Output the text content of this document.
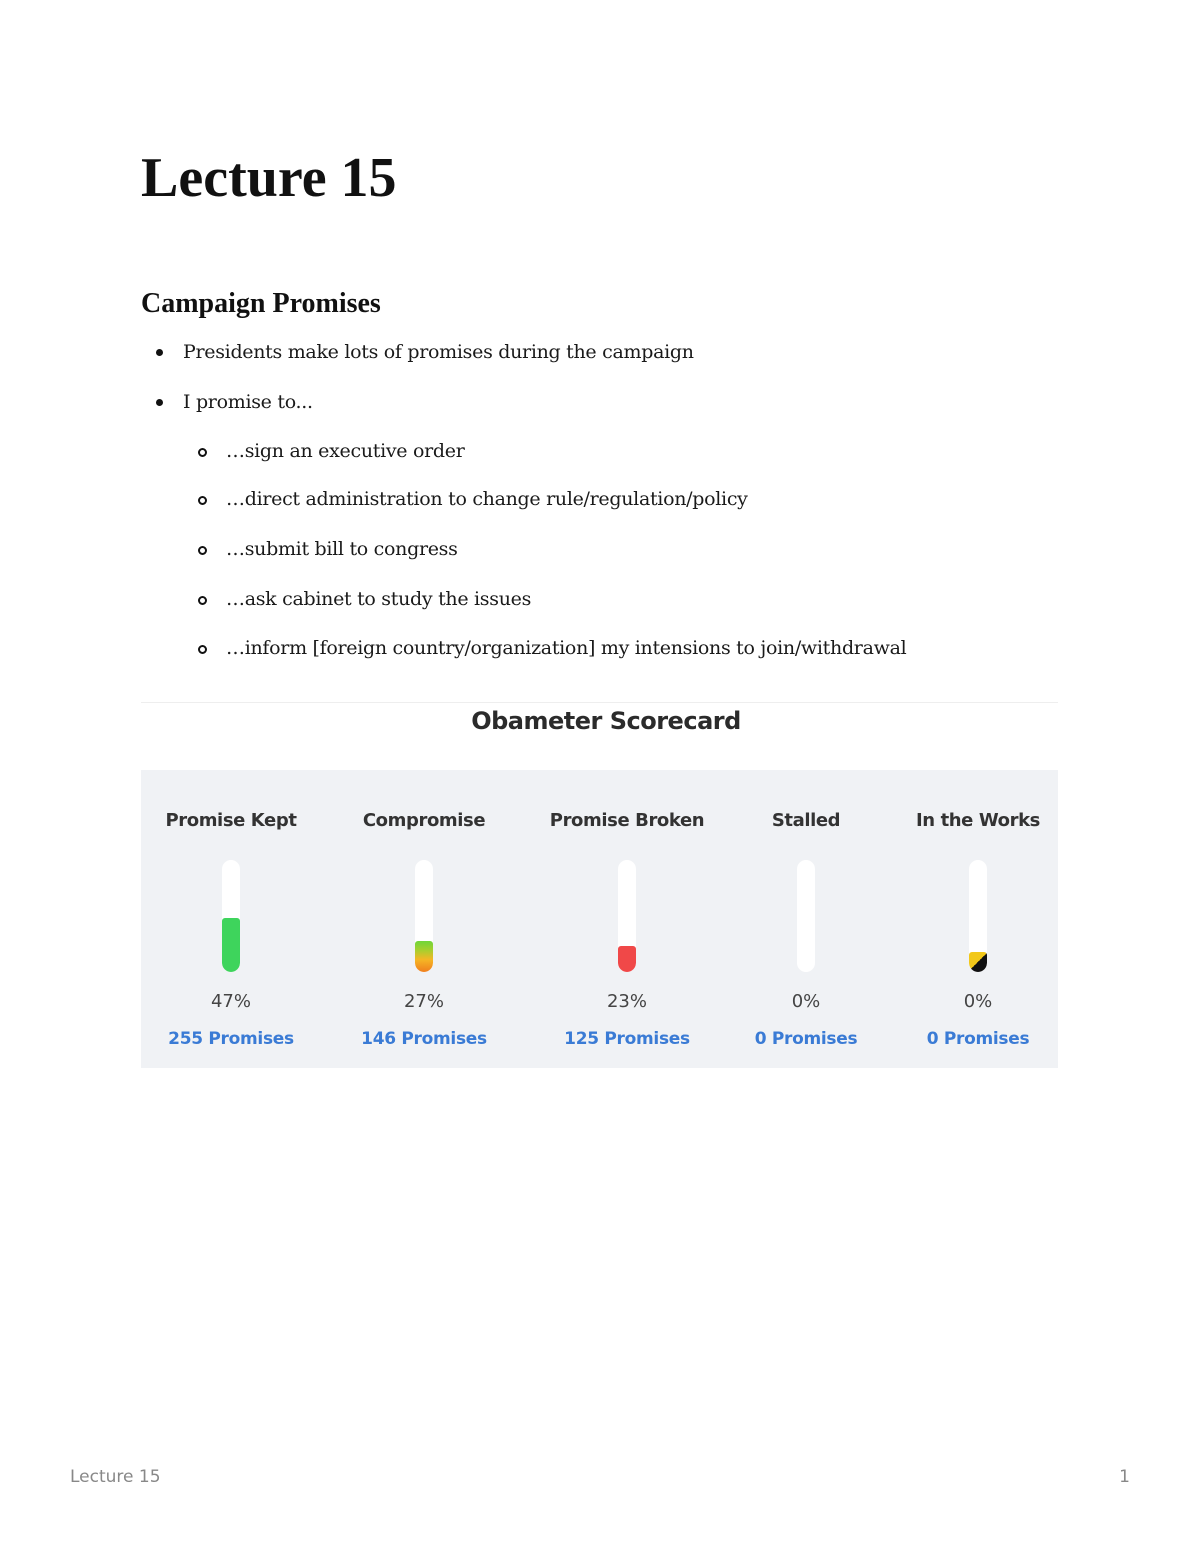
Lecture 15
Campaign Promises
Presidents make lots of promises during the campaign
I promise to...
…sign an executive order
…direct administration to change rule/regulation/policy
…submit bill to congress
…ask cabinet to study the issues
…inform [foreign country/organization] my intensions to join/withdrawal
Obameter Scorecard
Promise Kept
47%
255 Promises
Compromise
27%
146 Promises
Promise Broken
23%
125 Promises
Stalled
0%
0 Promises
In the Works
0%
0 Promises
Lecture 15	1
